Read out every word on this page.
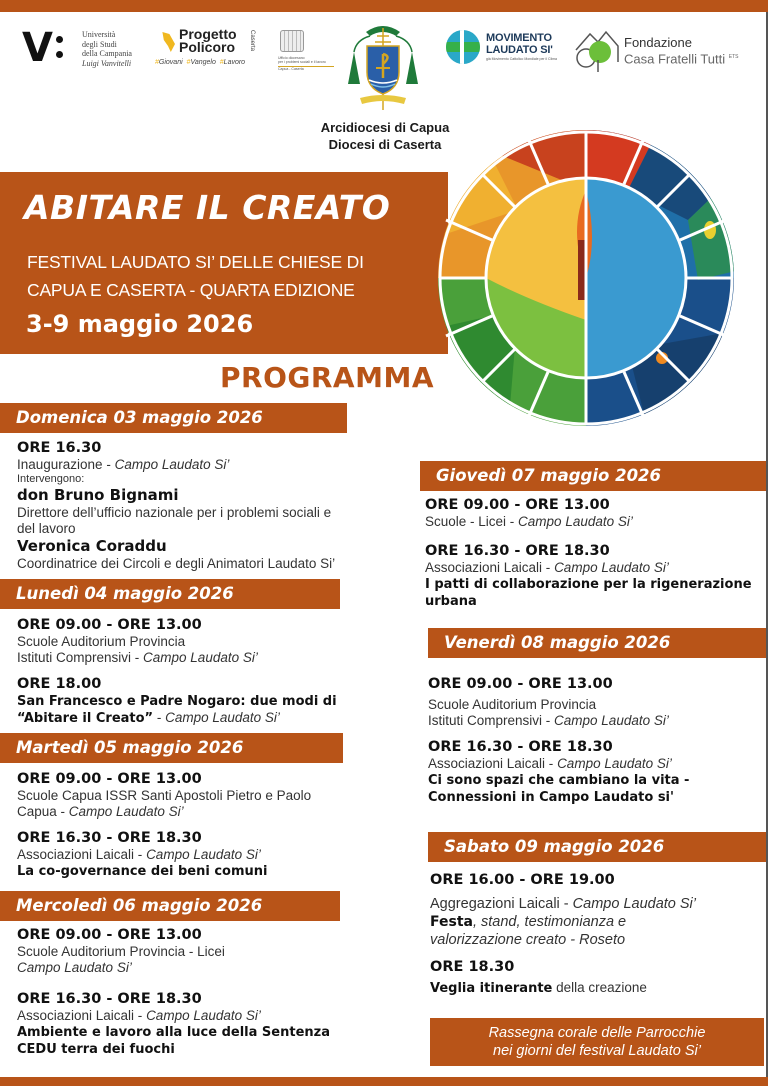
V	Università
degli Studi
della Campania
Luigi Vanvitelli
Progetto
Policoro Caserta
# Giovani # Vangelo # Lavoro
Ufficio diocesano
per i problemi sociali e il lavoro
Capua - Caserta
MOVIMENTO
LAUDATO SI'
già Movimento Cattolico Mondiale per il Clima
Fondazione
Casa Fratelli Tutti $^{ETS}$
Arcidiocesi di Capua
Diocesi di Caserta
ABITARE IL CREATO
FESTIVAL LAUDATO SI’ DELLE CHIESE DI
CAPUA E CASERTA - QUARTA EDIZIONE
3-9 maggio 2026
PROGRAMMA
Domenica 03 maggio 2026
ORE 16.30
Inaugurazione - Campo Laudato Si’
Intervengono:
don Bruno Bignami
Direttore dell’ufficio nazionale per i problemi sociali e del lavoro
Veronica Coraddu
Coordinatrice dei Circoli e degli Animatori Laudato Si’
Lunedì 04 maggio 2026
ORE 09.00 - ORE 13.00
Scuole Auditorium Provincia
Istituti Comprensivi - Campo Laudato Si’
ORE 18.00
San Francesco e Padre Nogaro: due modi di
“Abitare il Creato” - Campo Laudato Si’
Martedì 05 maggio 2026
ORE 09.00 - ORE 13.00
Scuole Capua ISSR Santi Apostoli Pietro e Paolo
Capua - Campo Laudato Si’
ORE 16.30 - ORE 18.30
Associazioni Laicali - Campo Laudato Si’
La co-governance dei beni comuni
Mercoledì 06 maggio 2026
ORE 09.00 - ORE 13.00
Scuole Auditorium Provincia - Licei
Campo Laudato Si’
ORE 16.30 - ORE 18.30
Associazioni Laicali - Campo Laudato Si’
Ambiente e lavoro alla luce della Sentenza
CEDU terra dei fuochi
Giovedì 07 maggio 2026
ORE 09.00 - ORE 13.00
Scuole - Licei - Campo Laudato Si’
ORE 16.30 - ORE 18.30
Associazioni Laicali - Campo Laudato Si’
I patti di collaborazione per la rigenerazione
urbana
Venerdì 08 maggio 2026
ORE 09.00 - ORE 13.00
Scuole Auditorium Provincia
Istituti Comprensivi - Campo Laudato Si’
ORE 16.30 - ORE 18.30
Associazioni Laicali - Campo Laudato Si’
Ci sono spazi che cambiano la vita -
Connessioni in Campo Laudato si'
Sabato 09 maggio 2026
ORE 16.00 - ORE 19.00
Aggregazioni Laicali - Campo Laudato Si’
Festa, stand, testimonianza e
valorizzazione creato - Roseto
ORE 18.30
Veglia itinerante della creazione
Rassegna corale delle Parrocchie
nei giorni del festival Laudato Si’
